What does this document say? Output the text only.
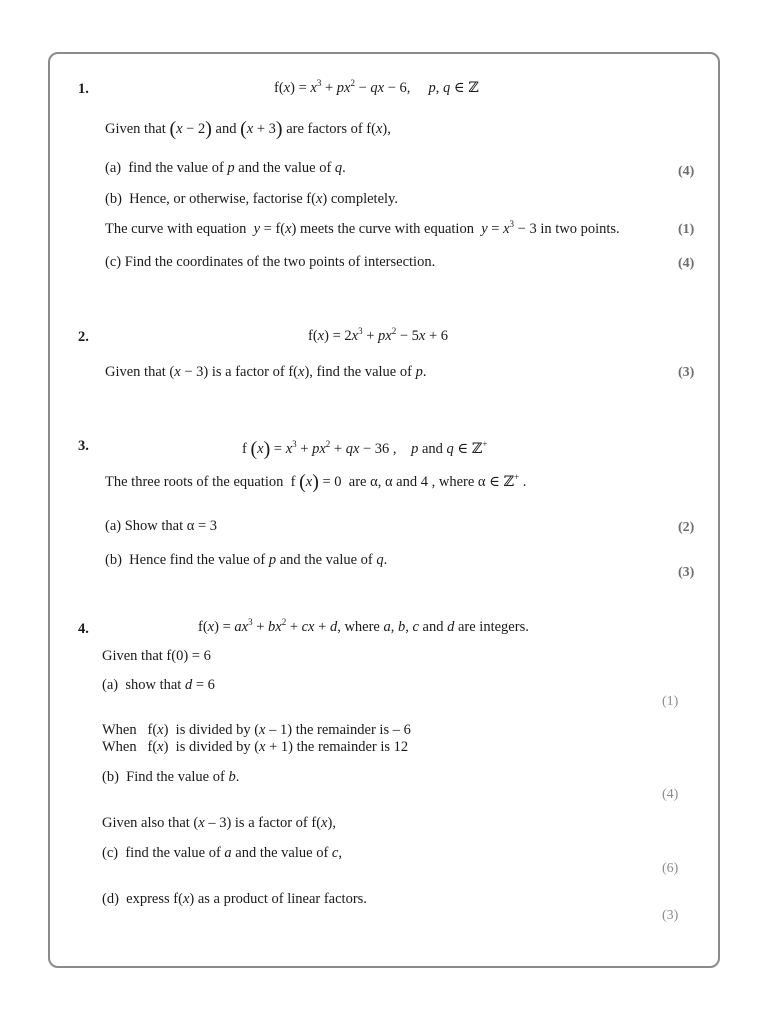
1.	$f(x) = x^3 + px^2$ − qx − 6,     p, q ∈ ℤ
Given that (x − 2) and (x + 3) are factors of f(x),
(a)  find the value of p and the value of q.	(4)
(b)  Hence, or otherwise, factorise f(x) completely.
The curve with equation  y = f(x) meets the curve with equation  $y = x^3 - 3$ in two points.	(1)
(c) Find the coordinates of the two points of intersection.	(4)
2.	$f(x) = 2x^3 + px^2 - 5x + 6$
Given that (x − 3) is a factor of f(x), find the value of p.	(3)
3.	f $(x) = x^3 + px^2$ + qx − 36 ,    p and q ∈ ℤ+
The three roots of the equation  f (x) = 0  are α, α and 4 , where α ∈ ℤ+ .
(a) Show that α = 3	(2)
(b)  Hence find the value of p and the value of q.
(3)
4.	$f(x) = ax^3 + bx^2$ + cx + d, where a, b, c and d are integers.
Given that f(0) = 6
(a)  show that d = 6
(1)
When   f(x)  is divided by (x – 1) the remainder is – 6
When   f(x)  is divided by (x + 1) the remainder is 12
(b)  Find the value of b.
(4)
Given also that (x – 3) is a factor of f(x),
(c)  find the value of a and the value of c,
(6)
(d)  express f(x) as a product of linear factors.
(3)
